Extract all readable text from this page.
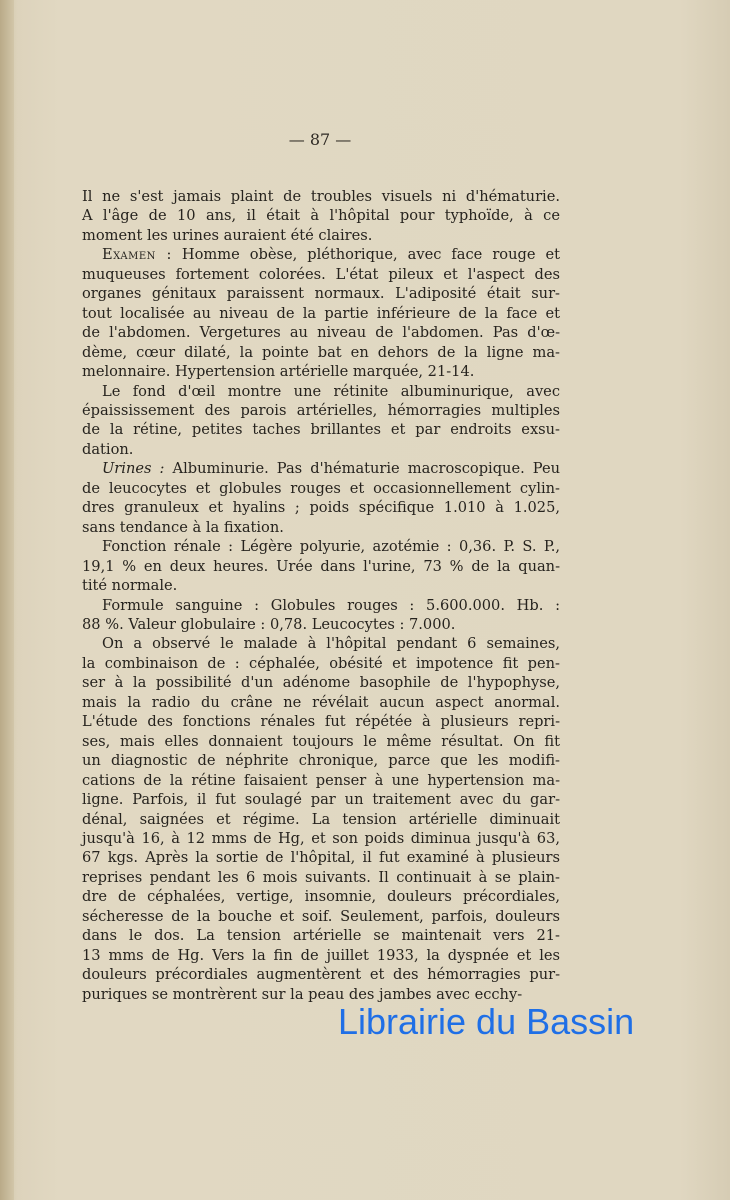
— 87 —
Il ne s'est jamais plaint de troubles visuels ni d'hématurie.
A l'âge de 10 ans, il était à l'hôpital pour typhoïde, à ce
moment les urines auraient été claires.
Examen : Homme obèse, pléthorique, avec face rouge et
muqueuses fortement colorées. L'état pileux et l'aspect des
organes génitaux paraissent normaux. L'adiposité était sur-
tout localisée au niveau de la partie inférieure de la face et
de l'abdomen. Vergetures au niveau de l'abdomen. Pas d'œ-
dème, cœur dilaté, la pointe bat en dehors de la ligne ma-
melonnaire. Hypertension artérielle marquée, 21-14.
Le fond d'œil montre une rétinite albuminurique, avec
épaississement des parois artérielles, hémorragies multiples
de la rétine, petites taches brillantes et par endroits exsu-
dation.
Urines : Albuminurie. Pas d'hématurie macroscopique. Peu
de leucocytes et globules rouges et occasionnellement cylin-
dres granuleux et hyalins ; poids spécifique 1.010 à 1.025,
sans tendance à la fixation.
Fonction rénale : Légère polyurie, azotémie : 0,36. P. S. P.,
19,1 % en deux heures. Urée dans l'urine, 73 % de la quan-
tité normale.
Formule sanguine : Globules rouges : 5.600.000. Hb. :
88 %. Valeur globulaire : 0,78. Leucocytes : 7.000.
On a observé le malade à l'hôpital pendant 6 semaines,
la combinaison de : céphalée, obésité et impotence fit pen-
ser à la possibilité d'un adénome basophile de l'hypophyse,
mais la radio du crâne ne révélait aucun aspect anormal.
L'étude des fonctions rénales fut répétée à plusieurs repri-
ses, mais elles donnaient toujours le même résultat. On fit
un diagnostic de néphrite chronique, parce que les modifi-
cations de la rétine faisaient penser à une hypertension ma-
ligne. Parfois, il fut soulagé par un traitement avec du gar-
dénal, saignées et régime. La tension artérielle diminuait
jusqu'à 16, à 12 mms de Hg, et son poids diminua jusqu'à 63,
67 kgs. Après la sortie de l'hôpital, il fut examiné à plusieurs
reprises pendant les 6 mois suivants. Il continuait à se plain-
dre de céphalées, vertige, insomnie, douleurs précordiales,
sécheresse de la bouche et soif. Seulement, parfois, douleurs
dans le dos. La tension artérielle se maintenait vers 21-
13 mms de Hg. Vers la fin de juillet 1933, la dyspnée et les
douleurs précordiales augmentèrent et des hémorragies pur-
puriques se montrèrent sur la peau des jambes avec ecchy-
Librairie du Bassin
